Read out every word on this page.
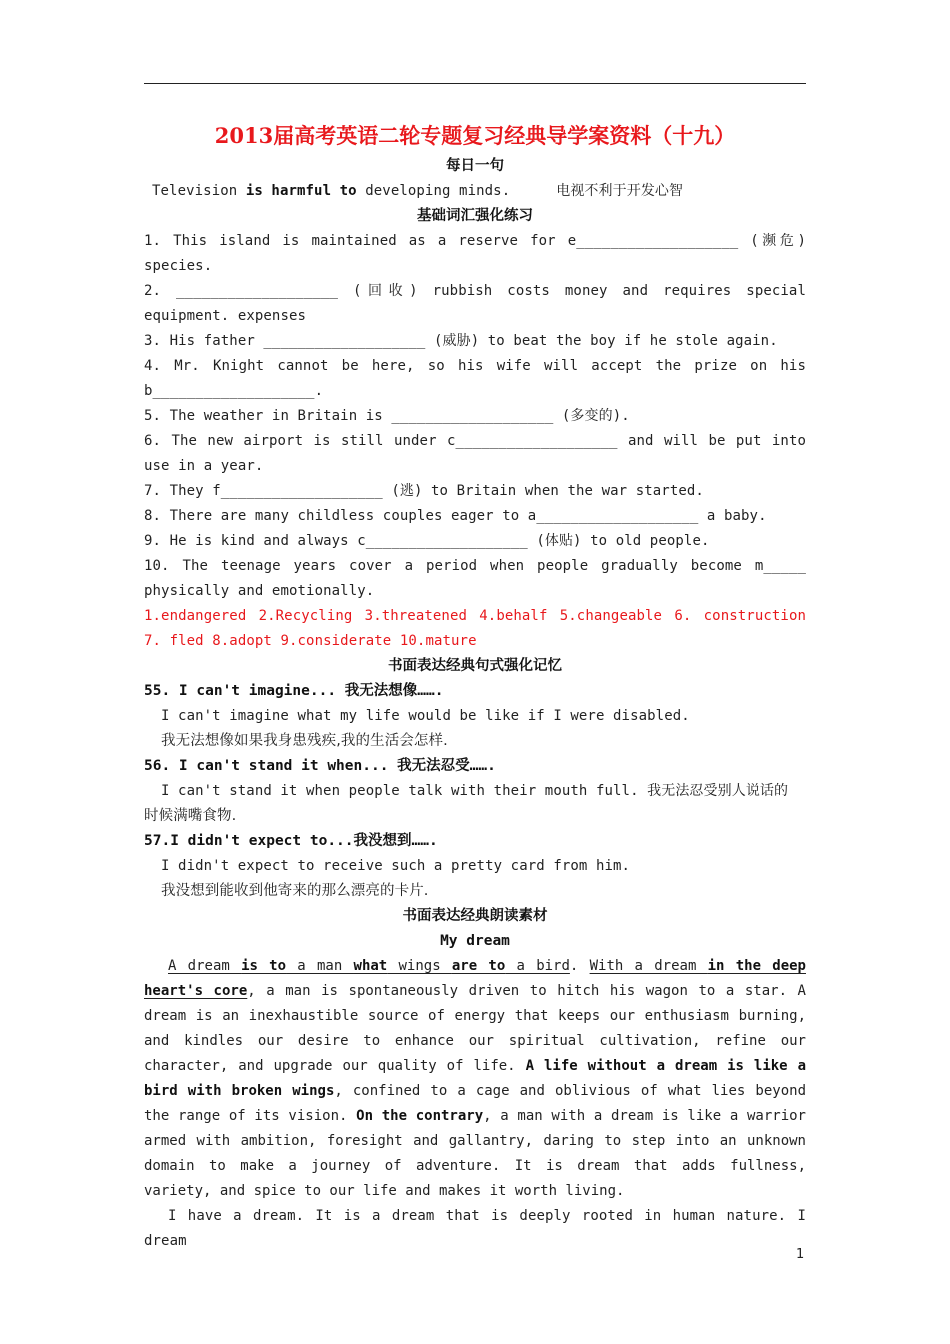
2013届高考英语二轮专题复习经典导学案资料（十九）
每日一句
Television is harmful to developing minds.	电视不利于开发心智
基础词汇强化练习
1. This island is maintained as a reserve for e___________________ (濒危)
species.
2. ___________________ (回收) rubbish costs money and requires special
equipment. expenses
3. His father ___________________ (威胁) to beat the boy if he stole again.
4. Mr. Knight cannot be here, so his wife will accept the prize on his
b___________________.
5. The weather in Britain is ___________________ (多变的).
6. The new airport is still under c___________________ and will be put into
use in a year.
7. They f___________________ (逃) to Britain when the war started.
8. There are many childless couples eager to a___________________ a baby.
9. He is kind and always c___________________ (体贴) to old people.
10. The teenage years cover a period when people gradually become m_____
physically and emotionally.
1.endangered 2.Recycling 3.threatened 4.behalf 5.changeable 6. construction
7. fled 8.adopt 9.considerate 10.mature
书面表达经典句式强化记忆
55. I can't imagine... 我无法想像…….
I can't imagine what my life would be like if I were disabled.
我无法想像如果我身患残疾,我的生活会怎样.
56. I can't stand it when... 我无法忍受…….
I can't stand it when people talk with their mouth full. 我无法忍受别人说话的
时候满嘴食物.
57.I didn't expect to...我没想到…….
I didn't expect to receive such a pretty card from him.
我没想到能收到他寄来的那么漂亮的卡片.
书面表达经典朗读素材
My dream
A dream is to a man what wings are to a bird. With a dream in the deep heart's core, a man is spontaneously driven to hitch his wagon to a star. A dream is an inexhaustible source of energy that keeps our enthusiasm burning, and kindles our desire to enhance our spiritual cultivation, refine our character, and upgrade our quality of life. A life without a dream is like a bird with broken wings, confined to a cage and oblivious of what lies beyond the range of its vision. On the contrary, a man with a dream is like a warrior armed with ambition, foresight and gallantry, daring to step into an unknown domain to make a journey of adventure. It is dream that adds fullness, variety, and spice to our life and makes it worth living.
I have a dream. It is a dream that is deeply rooted in human nature. I dream
1
